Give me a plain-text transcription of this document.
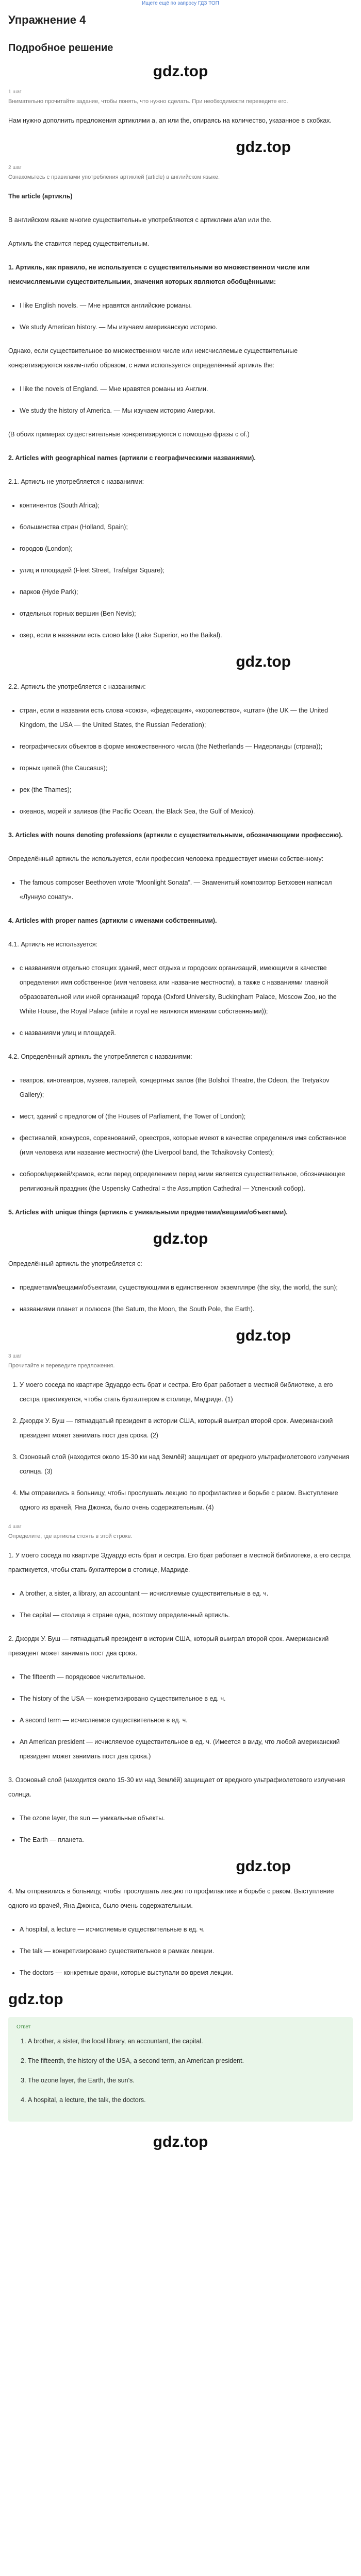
Ищете ещё по запросу ГДЗ ТОП
Упражнение 4
Подробное решение
gdz.top
1 шаг
Внимательно прочитайте задание, чтобы понять, что нужно сделать. При необходимости переведите его.

Нам нужно дополнить предложения артиклями a, an или the, опираясь на количество, указанное в скобках.

gdz.top
2 шаг
Ознакомьтесь с правилами употребления артиклей (article) в английском языке.

The article (артикль)

В английском языке многие существительные употребляются с артиклями a/an или the.

Артикль the ставится перед существительным.

1. Артикль, как правило, не используется с существительными во множественном числе или неисчисляемыми существительными, значения которых являются обобщёнными:

• I like English novels. — Мне нравятся английские романы.
• We study American history. — Мы изучаем американскую историю.

Однако, если существительное во множественном числе или неисчисляемые существительные конкретизируются каким-либо образом, с ними используется определённый артикль the:

• I like the novels of England. — Мне нравятся романы из Англии.
• We study the history of America. — Мы изучаем историю Америки.

(В обоих примерах существительные конкретизируются с помощью фразы с of.)

2. Articles with geographical names (артикли с географическими названиями).

2.1. Артикль не употребляется с названиями:

• континентов (South Africa);
• большинства стран (Holland, Spain);
• городов (London);
• улиц и площадей (Fleet Street, Trafalgar Square);
• парков (Hyde Park);
• отдельных горных вершин (Ben Nevis);
• озер, если в названии есть слово lake (Lake Superior, но the Baikal).
gdz.top

2.2. Артикль the употребляется с названиями:

• стран, если в названии есть слова «союз», «федерация», «королевство», «штат» (the UK — the United Kingdom, the USA — the United States, the Russian Federation);
• географических объектов в форме множественного числа (the Netherlands — Нидерланды (страна));
• горных цепей (the Caucasus);
• рек (the Thames);
• океанов, морей и заливов (the Pacific Ocean, the Black Sea, the Gulf of Mexico).

3. Articles with nouns denoting professions (артикли с существительными, обозначающими профессию).

Определённый артикль the используется, если профессия человека предшествует имени собственному:

• The famous composer Beethoven wrote “Moonlight Sonata”. — Знаменитый композитор Бетховен написал «Лунную сонату».

4. Articles with proper names (артикли с именами собственными).

4.1. Артикль не используется:

• с названиями отдельно стоящих зданий, мест отдыха и городских организаций, имеющими в качестве определения имя собственное (имя человека или название местности), а также с названиями главной образовательной или иной организаций города (Oxford University, Buckingham Palace, Moscow Zoo, но the White House, the Royal Palace (white и royal не являются именами собственными));
• с названиями улиц и площадей.

4.2. Определённый артикль the употребляется с названиями:

• театров, кинотеатров, музеев, галерей, концертных залов (the Bolshoi Theatre, the Odeon, the Tretyakov Gallery);
• мест, зданий с предлогом of (the Houses of Parliament, the Tower of London);
• фестивалей, конкурсов, соревнований, оркестров, которые имеют в качестве определения имя собственное (имя человека или название местности) (the Liverpool band, the Tchaikovsky Contest);
• соборов/церквей/храмов, если перед определением перед ними является существительное, обозначающее религиозный праздник (the Uspensky Cathedral = the Assumption Cathedral — Успенский собор).

5. Articles with unique things (артикль с уникальными предметами/вещами/объектами).

gdz.top

Определённый артикль the употребляется с:

• предметами/вещами/объектами, существующими в единственном экземпляре (the sky, the world, the sun);
• названиями планет и полюсов (the Saturn, the Moon, the South Pole, the Earth).
gdz.top
3 шаг
Прочитайте и переведите предложения.
1. У моего соседа по квартире Эдуардо есть брат и сестра. Его брат работает в местной библиотеке, а его сестра практикуется, чтобы стать бухгалтером в столице, Мадриде. (1)
2. Джордж У. Буш — пятнадцатый президент в истории США, который выиграл второй срок. Американский президент может занимать пост два срока. (2)
3. Озоновый слой (находится около 15-30 км над Землёй) защищает от вредного ультрафиолетового излучения солнца. (3)
4. Мы отправились в больницу, чтобы прослушать лекцию по профилактике и борьбе с раком. Выступление одного из врачей, Яна Джонса, было очень содержательным. (4)
4 шаг
Определите, где артиклы стоять в этой строке.

1. У моего соседа по квартире Эдуардо есть брат и сестра. Его брат работает в местной библиотеке, а его сестра практикуется, чтобы стать бухгалтером в столице, Мадриде.

• A brother, a sister, a library, an accountant — исчисляемые существительные в ед. ч.
• The capital — столица в стране одна, поэтому определенный артикль.

2. Джордж У. Буш — пятнадцатый президент в истории США, который выиграл второй срок. Американский президент может занимать пост два срока.

• The fifteenth — порядковое числительное.
• The history of the USA — конкретизировано существительное в ед. ч.
• A second term — исчисляемое существительное в ед. ч.
• An American president — исчисляемое существительное в ед. ч. (Имеется в виду, что любой американский президент может занимать пост два срока.)

3. Озоновый слой (находится около 15-30 км над Землёй) защищает от вредного ультрафиолетового излучения солнца.

• The ozone layer, the sun — уникальные объекты.
• The Earth — планета.
gdz.top

4. Мы отправились в больницу, чтобы прослушать лекцию по профилактике и борьбе с раком. Выступление одного из врачей, Яна Джонса, было очень содержательным.

• A hospital, a lecture — исчисляемые существительные в ед. ч.
• The talk — конкретизировано существительное в рамках лекции.
• The doctors — конкретные врачи, которые выступали во время лекции.
gdz.top
Ответ
1. A brother, a sister, the local library, an accountant, the capital.
2. The fifteenth, the history of the USA, a second term, an American president.
3. The ozone layer, the Earth, the sun's.
4. A hospital, a lecture, the talk, the doctors.
gdz.top
